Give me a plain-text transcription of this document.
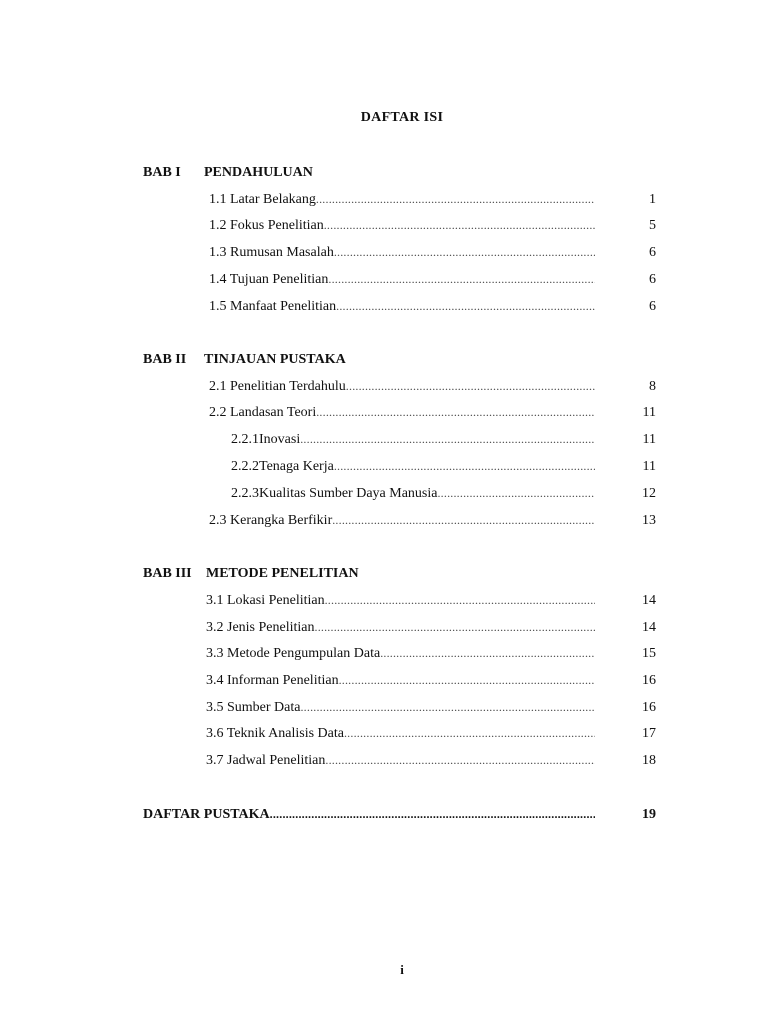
DAFTAR ISI
BAB I PENDAHULUAN
BAB II TINJAUAN PUSTAKA
BAB III METODE PENELITIAN
1.1 Latar Belakang .....	1
1.2 Fokus Penelitian .....	5
1.3 Rumusan Masalah .....	6
1.4 Tujuan Penelitian .....	6
1.5 Manfaat Penelitian .....	6
2.1 Penelitian Terdahulu .....	8
2.2 Landasan Teori .....	11
2.2.1 Inovasi .....	11
2.2.2 Tenaga Kerja .....	11
2.2.3 Kualitas Sumber Daya Manusia .....	12
2.3 Kerangka Berfikir .....	13
3.1 Lokasi Penelitian .....	14
3.2 Jenis Penelitian .....	14
3.3 Metode Pengumpulan Data .....	15
3.4 Informan Penelitian .....	16
3.5 Sumber Data .....	16
3.6 Teknik Analisis Data .....	17
3.7 Jadwal Penelitian .....	18
DAFTAR PUSTAKA .....	19
i
